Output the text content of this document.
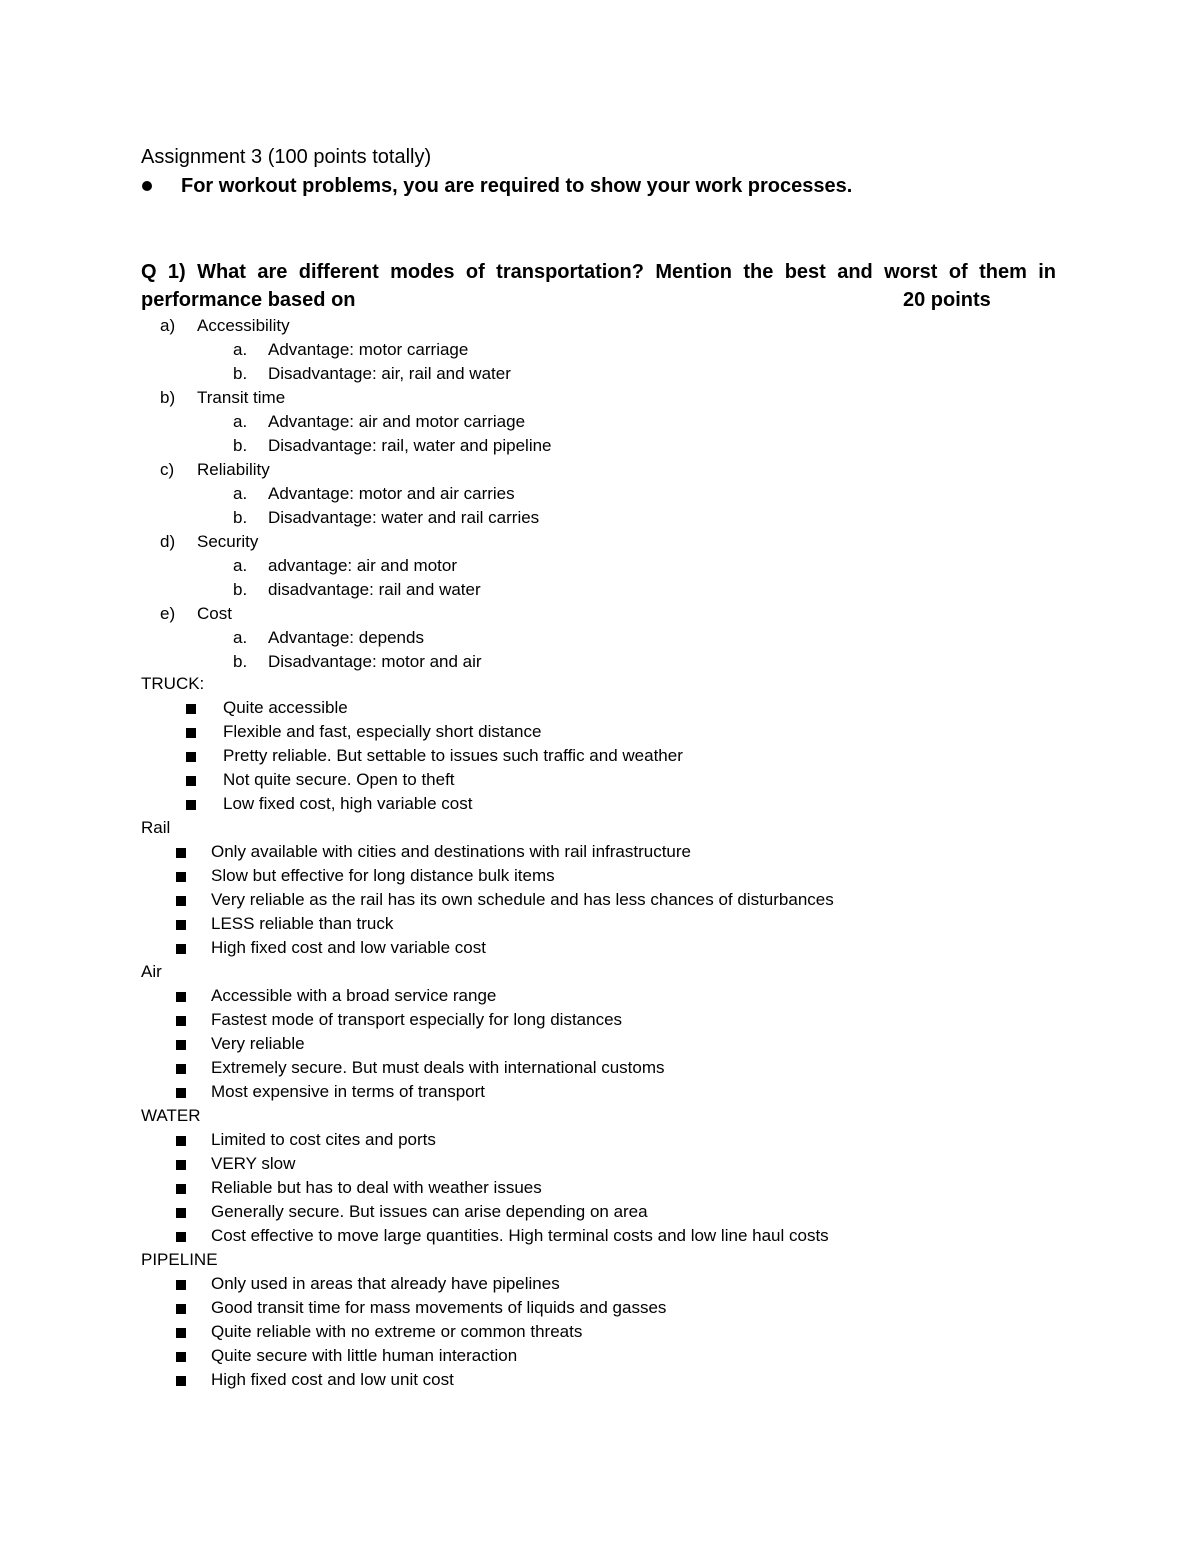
Assignment 3 (100 points totally)
For workout problems, you are required to show your work processes.
Q 1) What are different modes of transportation? Mention the best and worst of them in
performance based on	20 points
a) Accessibility
a. Advantage: motor carriage
b. Disadvantage: air, rail and water
b) Transit time
a. Advantage: air and motor carriage
b. Disadvantage: rail, water and pipeline
c) Reliability
a. Advantage: motor and air carries
b. Disadvantage: water and rail carries
d) Security
a. advantage: air and motor
b. disadvantage: rail and water
e) Cost
a. Advantage: depends
b. Disadvantage: motor and air
TRUCK:
Quite accessible
Flexible and fast, especially short distance
Pretty reliable. But settable to issues such traffic and weather
Not quite secure. Open to theft
Low fixed cost, high variable cost
Rail
Only available with cities and destinations with rail infrastructure
Slow but effective for long distance bulk items
Very reliable as the rail has its own schedule and has less chances of disturbances
LESS reliable than truck
High fixed cost and low variable cost
Air
Accessible with a broad service range
Fastest mode of transport especially for long distances
Very reliable
Extremely secure. But must deals with international customs
Most expensive in terms of transport
WATER
Limited to cost cites and ports
VERY slow
Reliable but has to deal with weather issues
Generally secure. But issues can arise depending on area
Cost effective to move large quantities. High terminal costs and low line haul costs
PIPELINE
Only used in areas that already have pipelines
Good transit time for mass movements of liquids and gasses
Quite reliable with no extreme or common threats
Quite secure with little human interaction
High fixed cost and low unit cost
